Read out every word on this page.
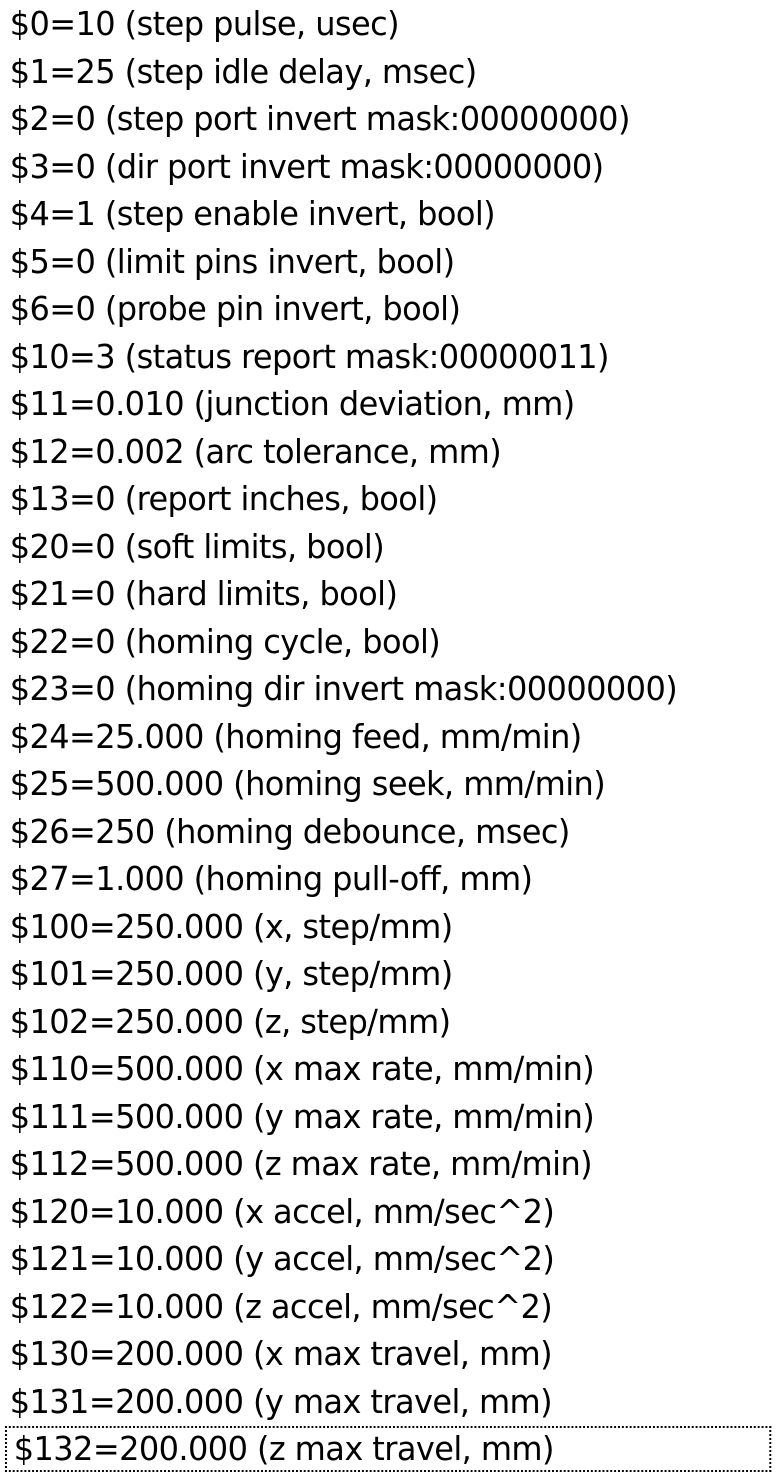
$0=10 (step pulse, usec)
$1=25 (step idle delay, msec)
$2=0 (step port invert mask:00000000)
$3=0 (dir port invert mask:00000000)
$4=1 (step enable invert, bool)
$5=0 (limit pins invert, bool)
$6=0 (probe pin invert, bool)
$10=3 (status report mask:00000011)
$11=0.010 (junction deviation, mm)
$12=0.002 (arc tolerance, mm)
$13=0 (report inches, bool)
$20=0 (soft limits, bool)
$21=0 (hard limits, bool)
$22=0 (homing cycle, bool)
$23=0 (homing dir invert mask:00000000)
$24=25.000 (homing feed, mm/min)
$25=500.000 (homing seek, mm/min)
$26=250 (homing debounce, msec)
$27=1.000 (homing pull-off, mm)
$100=250.000 (x, step/mm)
$101=250.000 (y, step/mm)
$102=250.000 (z, step/mm)
$110=500.000 (x max rate, mm/min)
$111=500.000 (y max rate, mm/min)
$112=500.000 (z max rate, mm/min)
$120=10.000 (x accel, mm/sec^2)
$121=10.000 (y accel, mm/sec^2)
$122=10.000 (z accel, mm/sec^2)
$130=200.000 (x max travel, mm)
$131=200.000 (y max travel, mm)
$132=200.000 (z max travel, mm)
